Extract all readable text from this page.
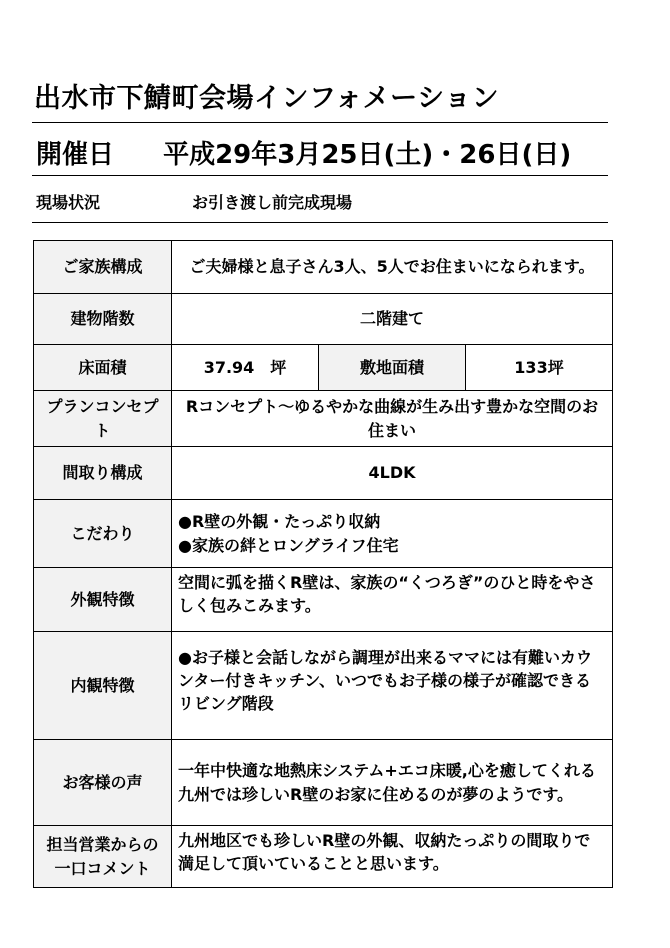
出水市下鯖町会場インフォメーション
開催日 平成29年3月25日(土)・26日(日)
現場状況	お引き渡し前完成現場
ご家族構成	ご夫婦様と息子さん3人、5人でお住まいになられます。		
建物階数	二階建て		
床面積	37.94　坪	敷地面積	133坪
プランコンセプト	Rコンセプト～ゆるやかな曲線が生み出す豊かな空間のお住まい		
間取り構成	4LDK		
こだわり	●R壁の外観・たっぷり収納
●家族の絆とロングライフ住宅		

外観特徴	空間に弧を描くR壁は、家族の“くつろぎ”のひと時をやさしく包みこみます。		
内観特徴	●お子様と会話しながら調理が出来るママには有難いカウンター付きキッチン、いつでもお子様の様子が確認できるリビング階段		
お客様の声	一年中快適な地熱床システム+エコ床暖,心を癒してくれる九州では珍しいR壁のお家に住めるのが夢のようです。		
担当営業からの一口コメント	九州地区でも珍しいR壁の外観、収納たっぷりの間取りで満足して頂いていることと思います。		
